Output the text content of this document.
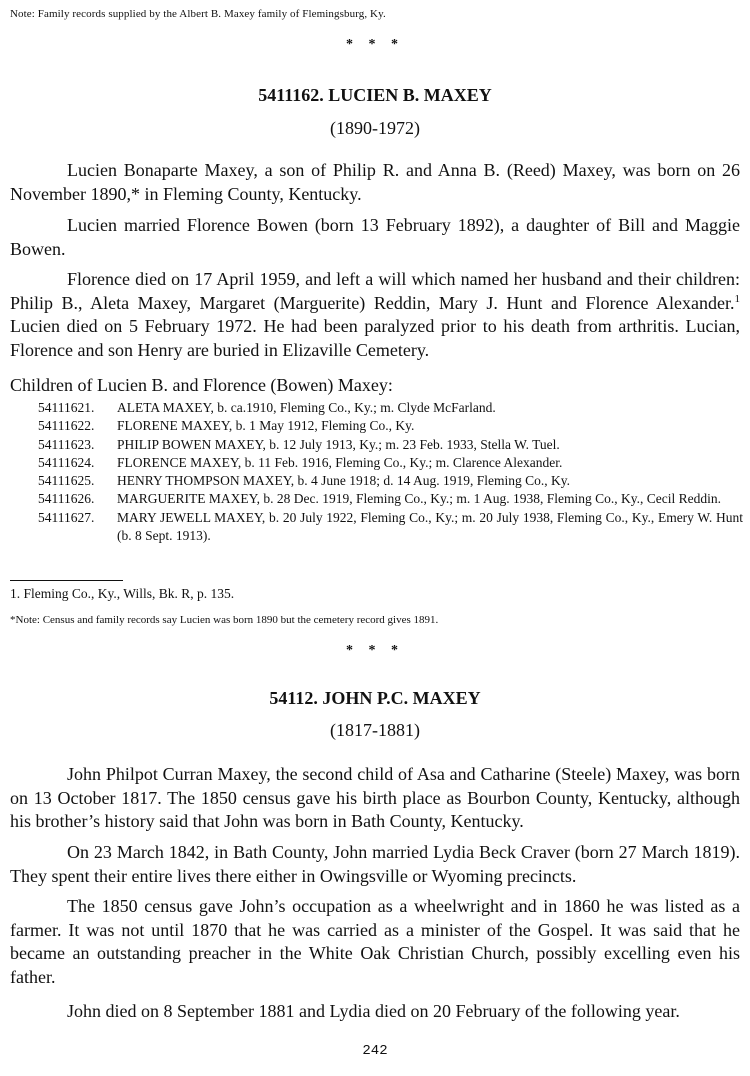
Note: Family records supplied by the Albert B. Maxey family of Flemingsburg, Ky.
* * *
5411162. LUCIEN B. MAXEY
(1890-1972)

Lucien Bonaparte Maxey, a son of Philip R. and Anna B. (Reed) Maxey, was born on 26 November 1890,* in Fleming County, Kentucky.

Lucien married Florence Bowen (born 13 February 1892), a daughter of Bill and Maggie Bowen.

Florence died on 17 April 1959, and left a will which named her husband and their children: Philip B., Aleta Maxey, Margaret (Marguerite) Reddin, Mary J. Hunt and Florence Alexander.$^1$ Lucien died on 5 February 1972. He had been paralyzed prior to his death from arthritis. Lucian, Florence and son Henry are buried in Elizaville Cemetery.

Children of Lucien B. and Florence (Bowen) Maxey:
54111621.	ALETA MAXEY, b. ca.1910, Fleming Co., Ky.; m. Clyde McFarland.
54111622.	FLORENE MAXEY, b. 1 May 1912, Fleming Co., Ky.
54111623.	PHILIP BOWEN MAXEY, b. 12 July 1913, Ky.; m. 23 Feb. 1933, Stella W. Tuel.
54111624.	FLORENCE MAXEY, b. 11 Feb. 1916, Fleming Co., Ky.; m. Clarence Alexander.
54111625.	HENRY THOMPSON MAXEY, b. 4 June 1918; d. 14 Aug. 1919, Fleming Co., Ky.
54111626.	MARGUERITE MAXEY, b. 28 Dec. 1919, Fleming Co., Ky.; m. 1 Aug. 1938, Fleming Co., Ky., Cecil Reddin.
54111627.	MARY JEWELL MAXEY, b. 20 July 1922, Fleming Co., Ky.; m. 20 July 1938, Fleming Co., Ky., Emery W. Hunt (b. 8 Sept. 1913).
1. Fleming Co., Ky., Wills, Bk. R, p. 135.
*Note: Census and family records say Lucien was born 1890 but the cemetery record gives 1891.
* * *
54112. JOHN P.C. MAXEY
(1817-1881)

John Philpot Curran Maxey, the second child of Asa and Catharine (Steele) Maxey, was born on 13 October 1817. The 1850 census gave his birth place as Bourbon County, Kentucky, although his brother’s history said that John was born in Bath County, Kentucky.

On 23 March 1842, in Bath County, John married Lydia Beck Craver (born 27 March 1819). They spent their entire lives there either in Owingsville or Wyoming precincts.

The 1850 census gave John’s occupation as a wheelwright and in 1860 he was listed as a farmer. It was not until 1870 that he was carried as a minister of the Gospel. It was said that he became an outstanding preacher in the White Oak Christian Church, possibly excelling even his father.

John died on 8 September 1881 and Lydia died on 20 February of the following year.

242
